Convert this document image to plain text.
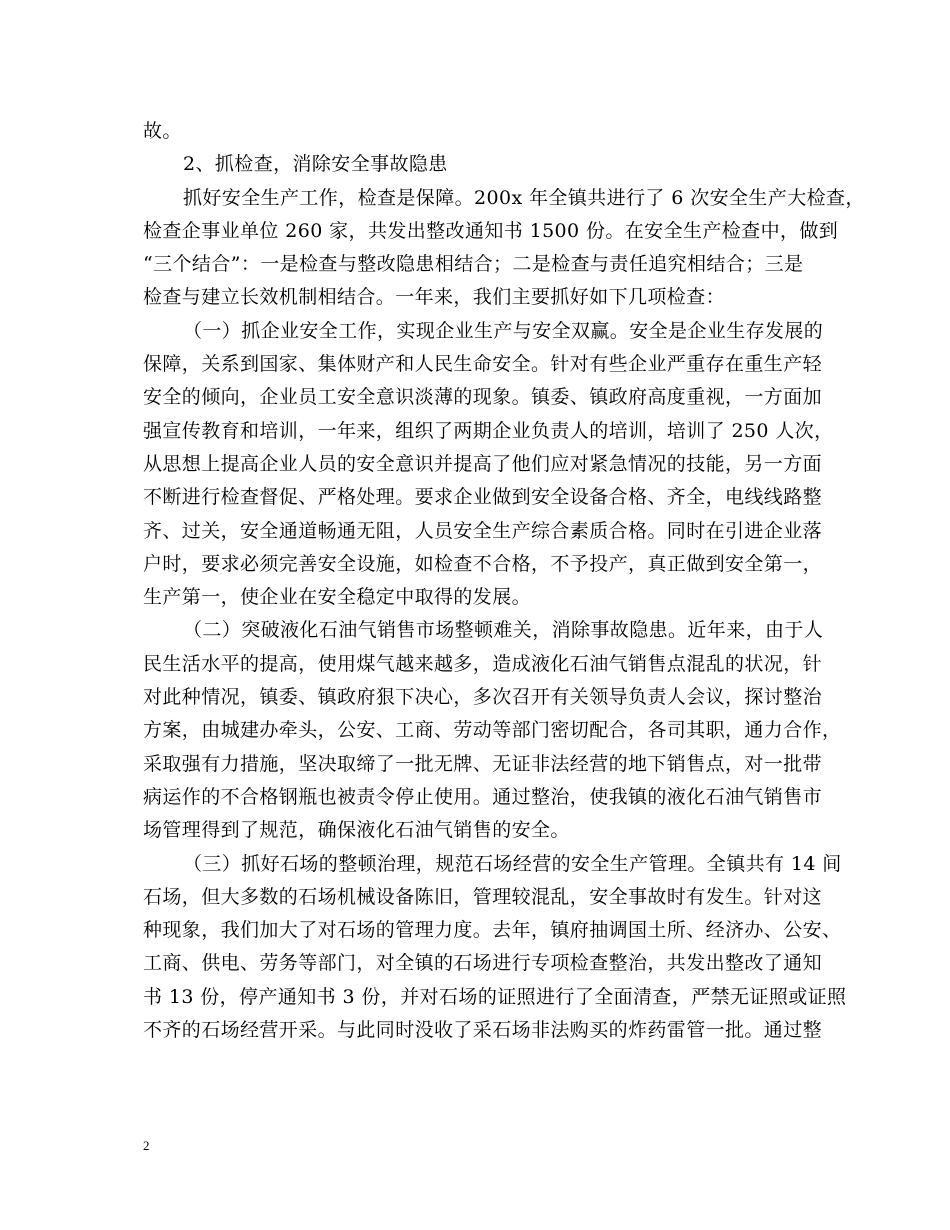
故。
2、抓检查，消除安全事故隐患
抓好安全生产工作，检查是保障。200x 年全镇共进行了 6 次安全生产大检查，
检查企事业单位 260 家，共发出整改通知书 1500 份。在安全生产检查中，做到
“三个结合”：一是检查与整改隐患相结合；二是检查与责任追究相结合；三是
检查与建立长效机制相结合。一年来，我们主要抓好如下几项检查：
（一）抓企业安全工作，实现企业生产与安全双赢。安全是企业生存发展的
保障，关系到国家、集体财产和人民生命安全。针对有些企业严重存在重生产轻
安全的倾向，企业员工安全意识淡薄的现象。镇委、镇政府高度重视，一方面加
强宣传教育和培训，一年来，组织了两期企业负责人的培训，培训了 250 人次，
从思想上提高企业人员的安全意识并提高了他们应对紧急情况的技能，另一方面
不断进行检查督促、严格处理。要求企业做到安全设备合格、齐全，电线线路整
齐、过关，安全通道畅通无阻，人员安全生产综合素质合格。同时在引进企业落
户时，要求必须完善安全设施，如检查不合格，不予投产，真正做到安全第一，
生产第一，使企业在安全稳定中取得的发展。
（二）突破液化石油气销售市场整顿难关，消除事故隐患。近年来，由于人
民生活水平的提高，使用煤气越来越多，造成液化石油气销售点混乱的状况，针
对此种情况，镇委、镇政府狠下决心，多次召开有关领导负责人会议，探讨整治
方案，由城建办牵头，公安、工商、劳动等部门密切配合，各司其职，通力合作，
采取强有力措施，坚决取缔了一批无牌、无证非法经营的地下销售点，对一批带
病运作的不合格钢瓶也被责令停止使用。通过整治，使我镇的液化石油气销售市
场管理得到了规范，确保液化石油气销售的安全。
（三）抓好石场的整顿治理，规范石场经营的安全生产管理。全镇共有 14 间
石场，但大多数的石场机械设备陈旧，管理较混乱，安全事故时有发生。针对这
种现象，我们加大了对石场的管理力度。去年，镇府抽调国土所、经济办、公安、
工商、供电、劳务等部门，对全镇的石场进行专项检查整治，共发出整改了通知
书 13 份，停产通知书 3 份，并对石场的证照进行了全面清查，严禁无证照或证照
不齐的石场经营开采。与此同时没收了采石场非法购买的炸药雷管一批。通过整
2
